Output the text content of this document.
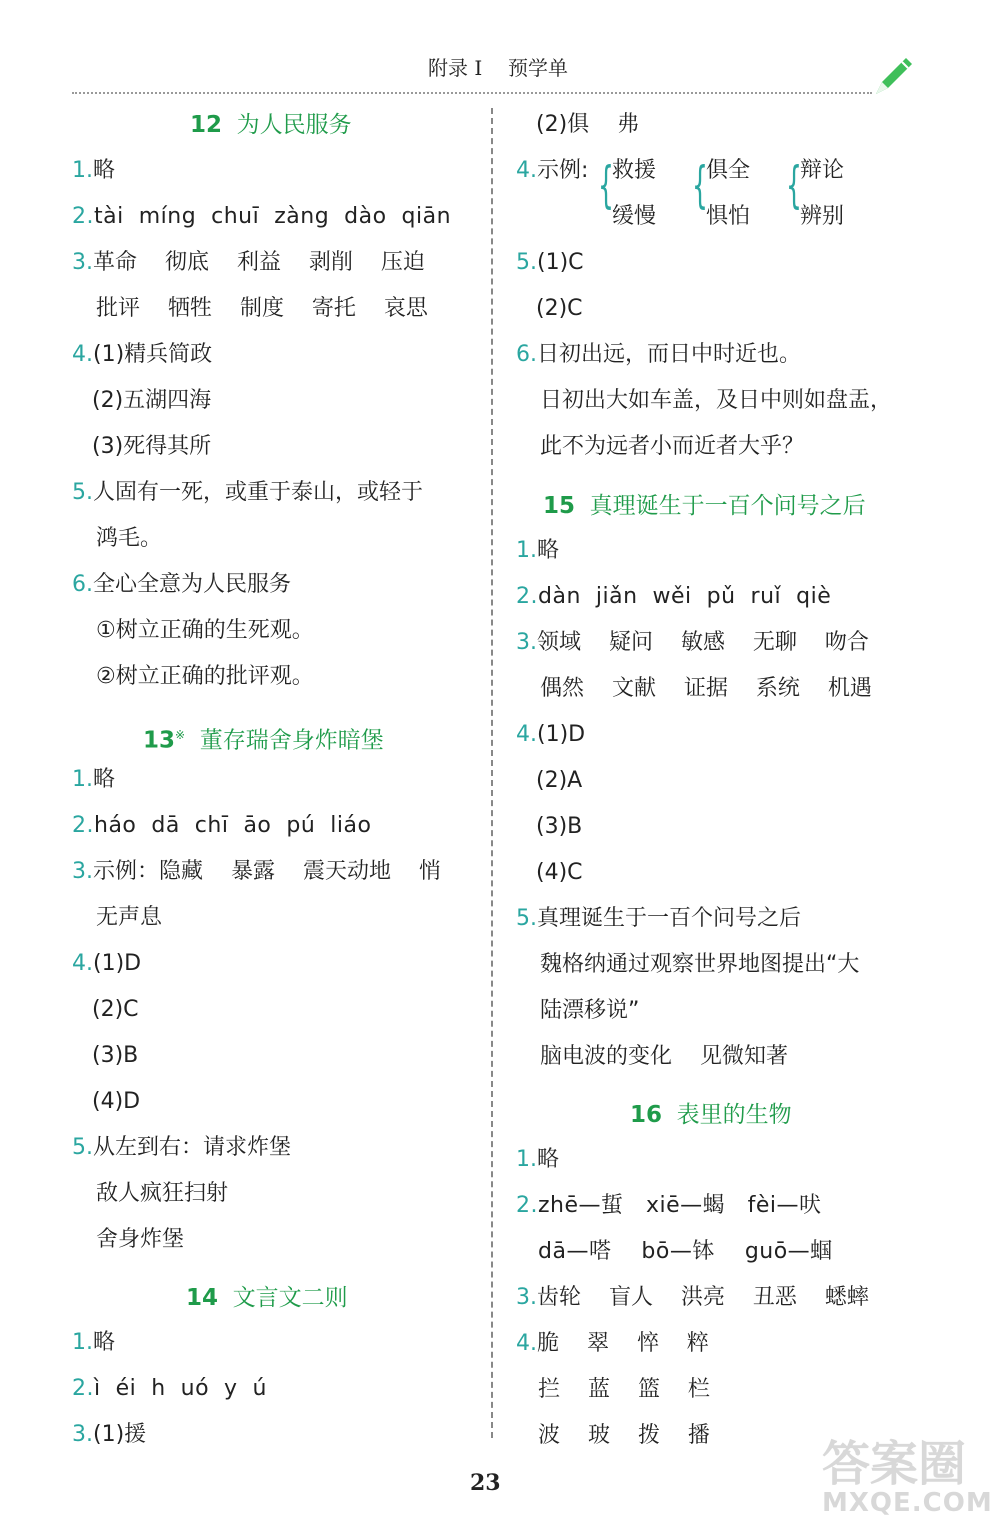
附录 I 预学单
12 为人民服务
1.略
2.tài  míng  chuī  zàng  dào  qiān
3.革命    彻底    利益    剥削    压迫
批评    牺牲    制度    寄托    哀思
4.(1)精兵简政
(2)五湖四海
(3)死得其所
5.人固有一死，或重于泰山，或轻于
鸿毛。
6.全心全意为人民服务
①树立正确的生死观。
②树立正确的批评观。
13※ 董存瑞舍身炸暗堡
1.略
2.háo  dā  chī  āo  pú  liáo
3.示例：隐藏    暴露    震天动地    悄
无声息
4.(1)D
(2)C
(3)B
(4)D
5.从左到右：请求炸堡
敌人疯狂扫射
舍身炸堡
14 文言文二则
1.略
2.ì  éi  h  uó  y  ú
3.(1)援
(2)俱    弗
4.示例: {
救援
缓慢
{
俱全
惧怕
{
辩论
辨别
5.(1)C
(2)C
6.日初出远，而日中时近也。
日初出大如车盖，及日中则如盘盂，
此不为远者小而近者大乎？
15 真理诞生于一百个问号之后
1.略
2.dàn  jiǎn  wěi  pǔ  ruǐ  qiè
3.领域    疑问    敏感    无聊    吻合
偶然    文献    证据    系统    机遇
4.(1)D
(2)A
(3)B
(4)C
5.真理诞生于一百个问号之后
魏格纳通过观察世界地图提出“大
陆漂移说”
脑电波的变化    见微知著
16 表里的生物
1.略
2.zhē—蜇   xiē—蝎   fèi—吠
dā—嗒    bō—钵    guō—蝈
3.齿轮    盲人    洪亮    丑恶    蟋蟀
4.脆    翠    悴    粹
拦    蓝    篮    栏
波    玻    拨    播
23	答案圈
MXQE.COM
